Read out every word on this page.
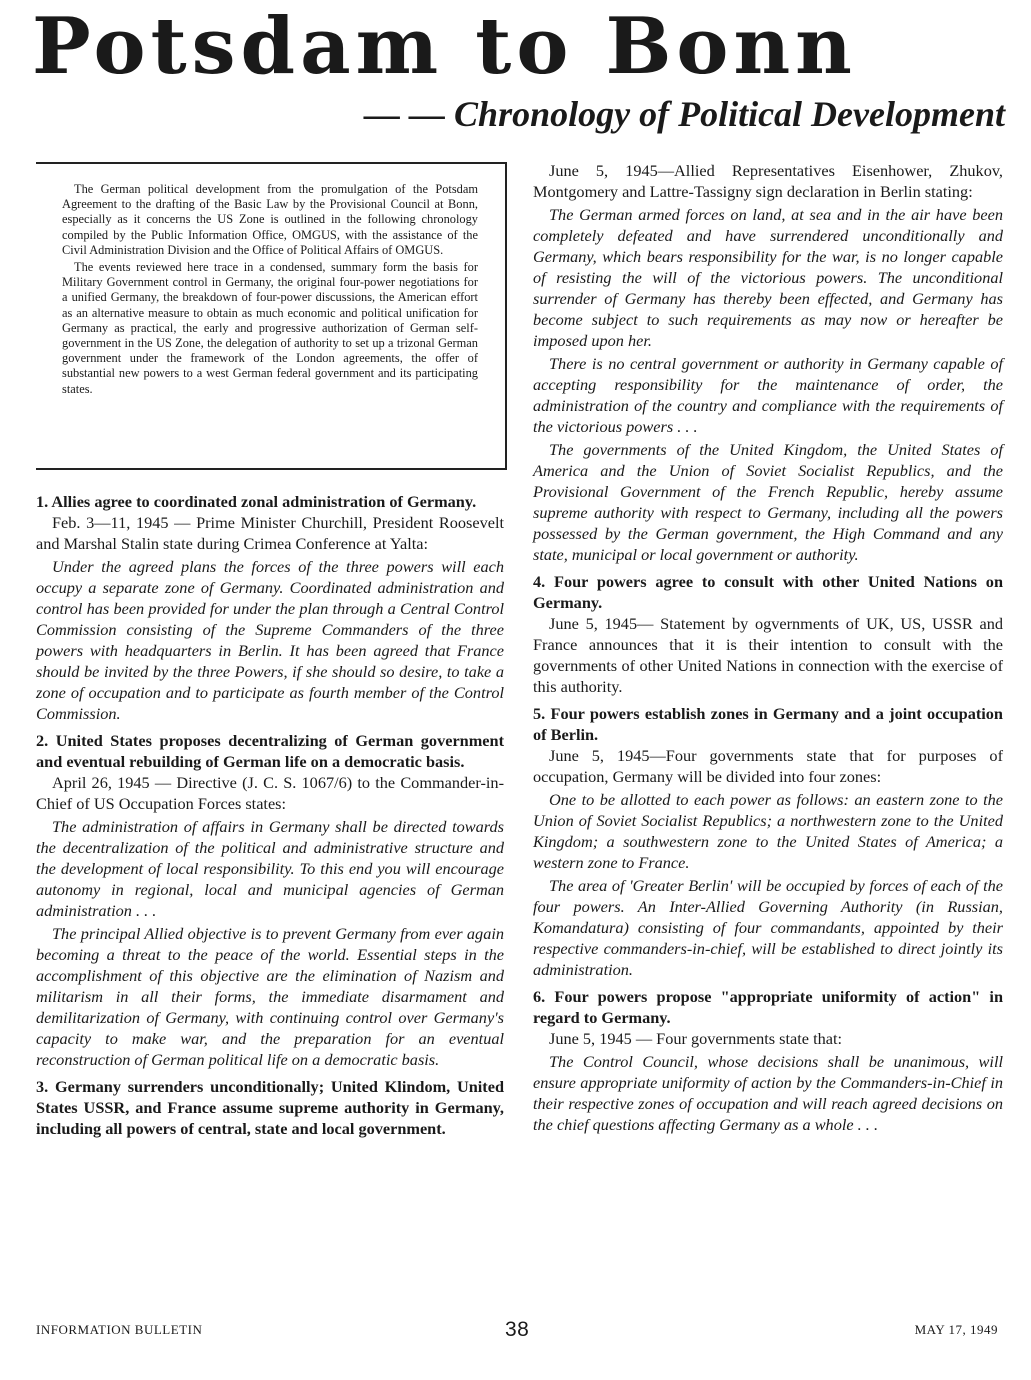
Potsdam to Bonn
— — Chronology of Political Development

The German political development from the promulgation of the Potsdam Agreement to the drafting of the Basic Law by the Provisional Council at Bonn, especially as it concerns the US Zone is outlined in the following chronology compiled by the Public Information Office, OMGUS, with the assistance of the Civil Administration Division and the Office of Political Affairs of OMGUS.

The events reviewed here trace in a condensed, summary form the basis for Military Government control in Germany, the original four-power negotiations for a unified Germany, the breakdown of four-power discussions, the American effort as an alternative measure to obtain as much economic and political unification for Germany as practical, the early and progressive authorization of German self-government in the US Zone, the delegation of authority to set up a trizonal German government under the framework of the London agreements, the offer of substantial new powers to a west German federal government and its participating states.

1. Allies agree to coordinated zonal administration of Germany.

Feb. 3—11, 1945 — Prime Minister Churchill, President Roosevelt and Marshal Stalin state during Crimea Conference at Yalta:

Under the agreed plans the forces of the three powers will each occupy a separate zone of Germany. Coordinated administration and control has been provided for under the plan through a Central Control Commission consisting of the Supreme Commanders of the three powers with headquarters in Berlin. It has been agreed that France should be invited by the three Powers, if she should so desire, to take a zone of occupation and to participate as fourth member of the Control Commission.

2. United States proposes decentralizing of German government and eventual rebuilding of German life on a democratic basis.

April 26, 1945 — Directive (J. C. S. 1067/6) to the Commander-in-Chief of US Occupation Forces states:

The administration of affairs in Germany shall be directed towards the decentralization of the political and administrative structure and the development of local responsibility. To this end you will encourage autonomy in regional, local and municipal agencies of German administration . . .

The principal Allied objective is to prevent Germany from ever again becoming a threat to the peace of the world. Essential steps in the accomplishment of this objective are the elimination of Nazism and militarism in all their forms, the immediate disarmament and demilitarization of Germany, with continuing control over Germany's capacity to make war, and the preparation for an eventual reconstruction of German political life on a democratic basis.

3. Germany surrenders unconditionally; United Klindom, United States USSR, and France assume supreme authority in Germany, including all powers of central, state and local government.

June 5, 1945—Allied Representatives Eisenhower, Zhukov, Montgomery and Lattre-Tassigny sign declaration in Berlin stating:

The German armed forces on land, at sea and in the air have been completely defeated and have surrendered unconditionally and Germany, which bears responsibility for the war, is no longer capable of resisting the will of the victorious powers. The unconditional surrender of Germany has thereby been effected, and Germany has become subject to such requirements as may now or hereafter be imposed upon her.

There is no central government or authority in Germany capable of accepting responsibility for the maintenance of order, the administration of the country and compliance with the requirements of the victorious powers . . .

The governments of the United Kingdom, the United States of America and the Union of Soviet Socialist Republics, and the Provisional Government of the French Republic, hereby assume supreme authority with respect to Germany, including all the powers possessed by the German government, the High Command and any state, municipal or local government or authority.

4. Four powers agree to consult with other United Nations on Germany.

June 5, 1945— Statement by ogvernments of UK, US, USSR and France announces that it is their intention to consult with the governments of other United Nations in connection with the exercise of this authority.

5. Four powers establish zones in Germany and a joint occupation of Berlin.

June 5, 1945—Four governments state that for purposes of occupation, Germany will be divided into four zones:

One to be allotted to each power as follows: an eastern zone to the Union of Soviet Socialist Republics; a northwestern zone to the United Kingdom; a southwestern zone to the United States of America; a western zone to France.

The area of 'Greater Berlin' will be occupied by forces of each of the four powers. An Inter-Allied Governing Authority (in Russian, Komandatura) consisting of four commandants, appointed by their respective commanders-in-chief, will be established to direct jointly its administration.

6. Four powers propose "appropriate uniformity of action" in regard to Germany.

June 5, 1945 — Four governments state that:

The Control Council, whose decisions shall be unanimous, will ensure appropriate uniformity of action by the Commanders-in-Chief in their respective zones of occupation and will reach agreed decisions on the chief questions affecting Germany as a whole . . .

INFORMATION BULLETIN	38	MAY 17, 1949
